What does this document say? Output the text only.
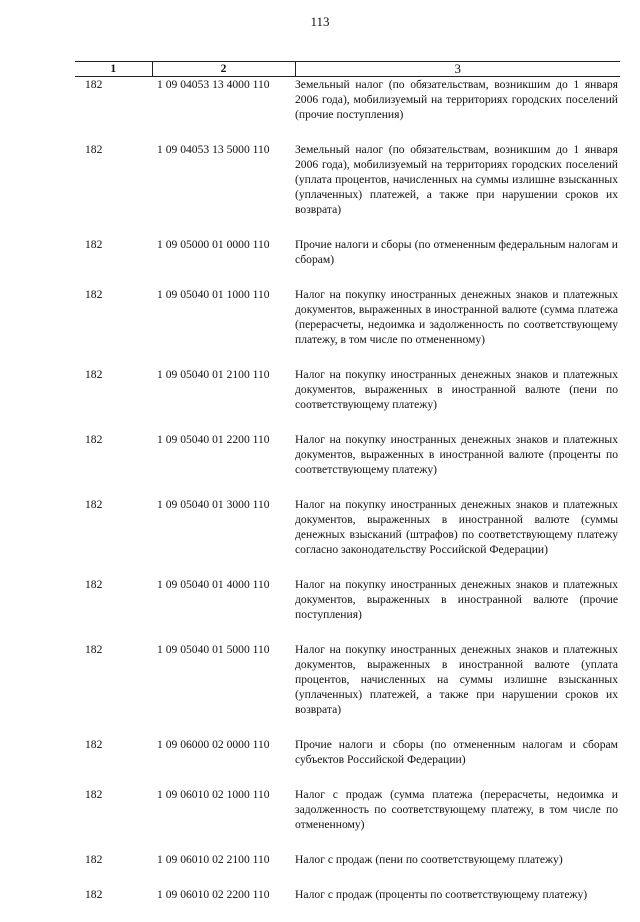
113
1	2	3
182	1 09 04053 13 4000 110	Земельный налог (по обязательствам, возникшим до 1 января 2006 года), мобилизуемый на территориях городских поселений (прочие поступления)
182	1 09 04053 13 5000 110	Земельный налог (по обязательствам, возникшим до 1 января 2006 года), мобилизуемый на территориях городских поселений (уплата процентов, начисленных на суммы излишне взысканных (уплаченных) платежей, а также при нарушении сроков их возврата)
182	1 09 05000 01 0000 110	Прочие налоги и сборы (по отмененным федеральным налогам и сборам)
182	1 09 05040 01 1000 110	Налог на покупку иностранных денежных знаков и платежных документов, выраженных в иностранной валюте (сумма платежа (перерасчеты, недоимка и задолженность по соответствующему платежу, в том числе по отмененному)
182	1 09 05040 01 2100 110	Налог на покупку иностранных денежных знаков и платежных документов, выраженных в иностранной валюте (пени по соответствующему платежу)
182	1 09 05040 01 2200 110	Налог на покупку иностранных денежных знаков и платежных документов, выраженных в иностранной валюте (проценты по соответствующему платежу)
182	1 09 05040 01 3000 110	Налог на покупку иностранных денежных знаков и платежных документов, выраженных в иностранной валюте (суммы денежных взысканий (штрафов) по соответствующему платежу согласно законодательству Российской Федерации)
182	1 09 05040 01 4000 110	Налог на покупку иностранных денежных знаков и платежных документов, выраженных в иностранной валюте (прочие поступления)
182	1 09 05040 01 5000 110	Налог на покупку иностранных денежных знаков и платежных документов, выраженных в иностранной валюте (уплата процентов, начисленных на суммы излишне взысканных (уплаченных) платежей, а также при нарушении сроков их возврата)
182	1 09 06000 02 0000 110	Прочие налоги и сборы (по отмененным налогам и сборам субъектов Российской Федерации)
182	1 09 06010 02 1000 110	Налог с продаж (сумма платежа (перерасчеты, недоимка и задолженность по соответствующему платежу, в том числе по отмененному)
182	1 09 06010 02 2100 110	Налог с продаж (пени по соответствующему платежу)
182	1 09 06010 02 2200 110	Налог с продаж (проценты по соответствующему платежу)
